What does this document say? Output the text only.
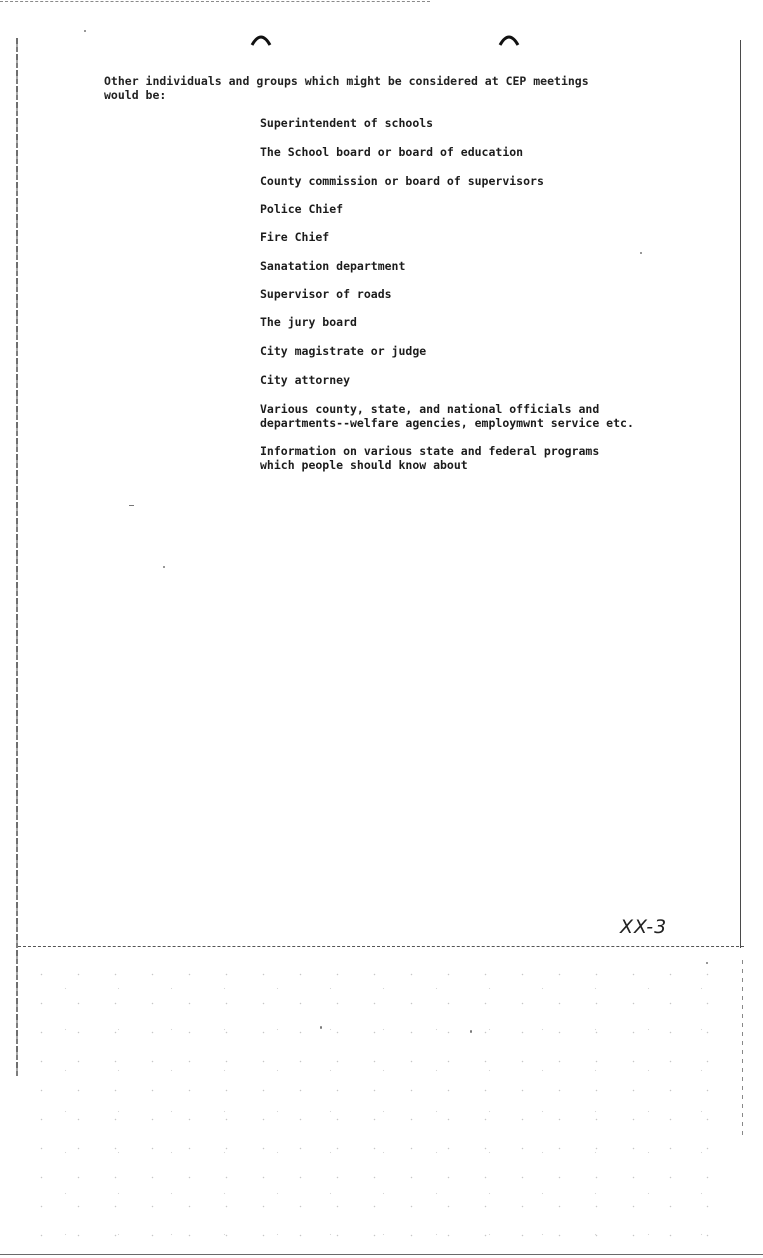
Other individuals and groups which might be considered at CEP meetings
would be:
Superintendent of schools
The School board or board of education
County commission or board of supervisors
Police Chief
Fire Chief
Sanatation department
Supervisor of roads
The jury board
City magistrate or judge
City attorney
Various county, state, and national officials and
departments--welfare agencies, employmwnt service etc.
Information on various state and federal programs
which people should know about
XX-3
